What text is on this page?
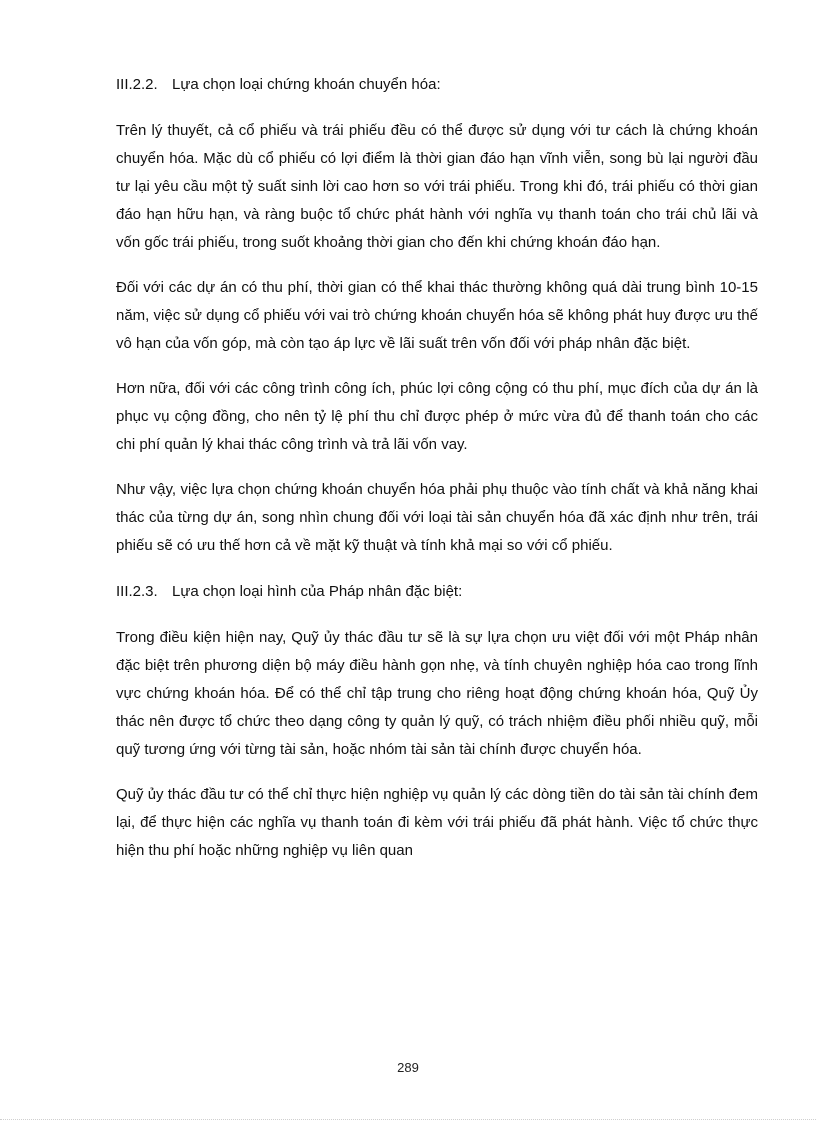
III.2.2. Lựa chọn loại chứng khoán chuyển hóa:

Trên lý thuyết, cả cổ phiếu và trái phiếu đều có thể được sử dụng với tư cách là chứng khoán chuyển hóa. Mặc dù cổ phiếu có lợi điểm là thời gian đáo hạn vĩnh viễn, song bù lại người đầu tư lại yêu cầu một tỷ suất sinh lời cao hơn so với trái phiếu. Trong khi đó, trái phiếu có thời gian đáo hạn hữu hạn, và ràng buộc tổ chức phát hành với nghĩa vụ thanh toán cho trái chủ lãi và vốn gốc trái phiếu, trong suốt khoảng thời gian cho đến khi chứng khoán đáo hạn.

Đối với các dự án có thu phí, thời gian có thể khai thác thường không quá dài trung bình 10-15 năm, việc sử dụng cổ phiếu với vai trò chứng khoán chuyển hóa sẽ không phát huy được ưu thế vô hạn của vốn góp, mà còn tạo áp lực về lãi suất trên vốn đối với pháp nhân đặc biệt.

Hơn nữa, đối với các công trình công ích, phúc lợi công cộng có thu phí, mục đích của dự án là phục vụ cộng đồng, cho nên tỷ lệ phí thu chỉ được phép ở mức vừa đủ để thanh toán cho các chi phí quản lý khai thác công trình và trả lãi vốn vay.

Như vậy, việc lựa chọn chứng khoán chuyển hóa phải phụ thuộc vào tính chất và khả năng khai thác của từng dự án, song nhìn chung đối với loại tài sản chuyển hóa đã xác định như trên, trái phiếu sẽ có ưu thế hơn cả về mặt kỹ thuật và tính khả mại so với cổ phiếu.

III.2.3. Lựa chọn loại hình của Pháp nhân đặc biệt:

Trong điều kiện hiện nay, Quỹ ủy thác đầu tư sẽ là sự lựa chọn ưu việt đối với một Pháp nhân đặc biệt trên phương diện bộ máy điều hành gọn nhẹ, và tính chuyên nghiệp hóa cao trong lĩnh vực chứng khoán hóa. Để có thể chỉ tập trung cho riêng hoạt động chứng khoán hóa, Quỹ Ủy thác nên được tổ chức theo dạng công ty quản lý quỹ, có trách nhiệm điều phối nhiều quỹ, mỗi quỹ tương ứng với từng tài sản, hoặc nhóm tài sản tài chính được chuyển hóa.

Quỹ ủy thác đầu tư có thể chỉ thực hiện nghiệp vụ quản lý các dòng tiền do tài sản tài chính đem lại, để thực hiện các nghĩa vụ thanh toán đi kèm với trái phiếu đã phát hành. Việc tổ chức thực hiện thu phí hoặc những nghiệp vụ liên quan

289
